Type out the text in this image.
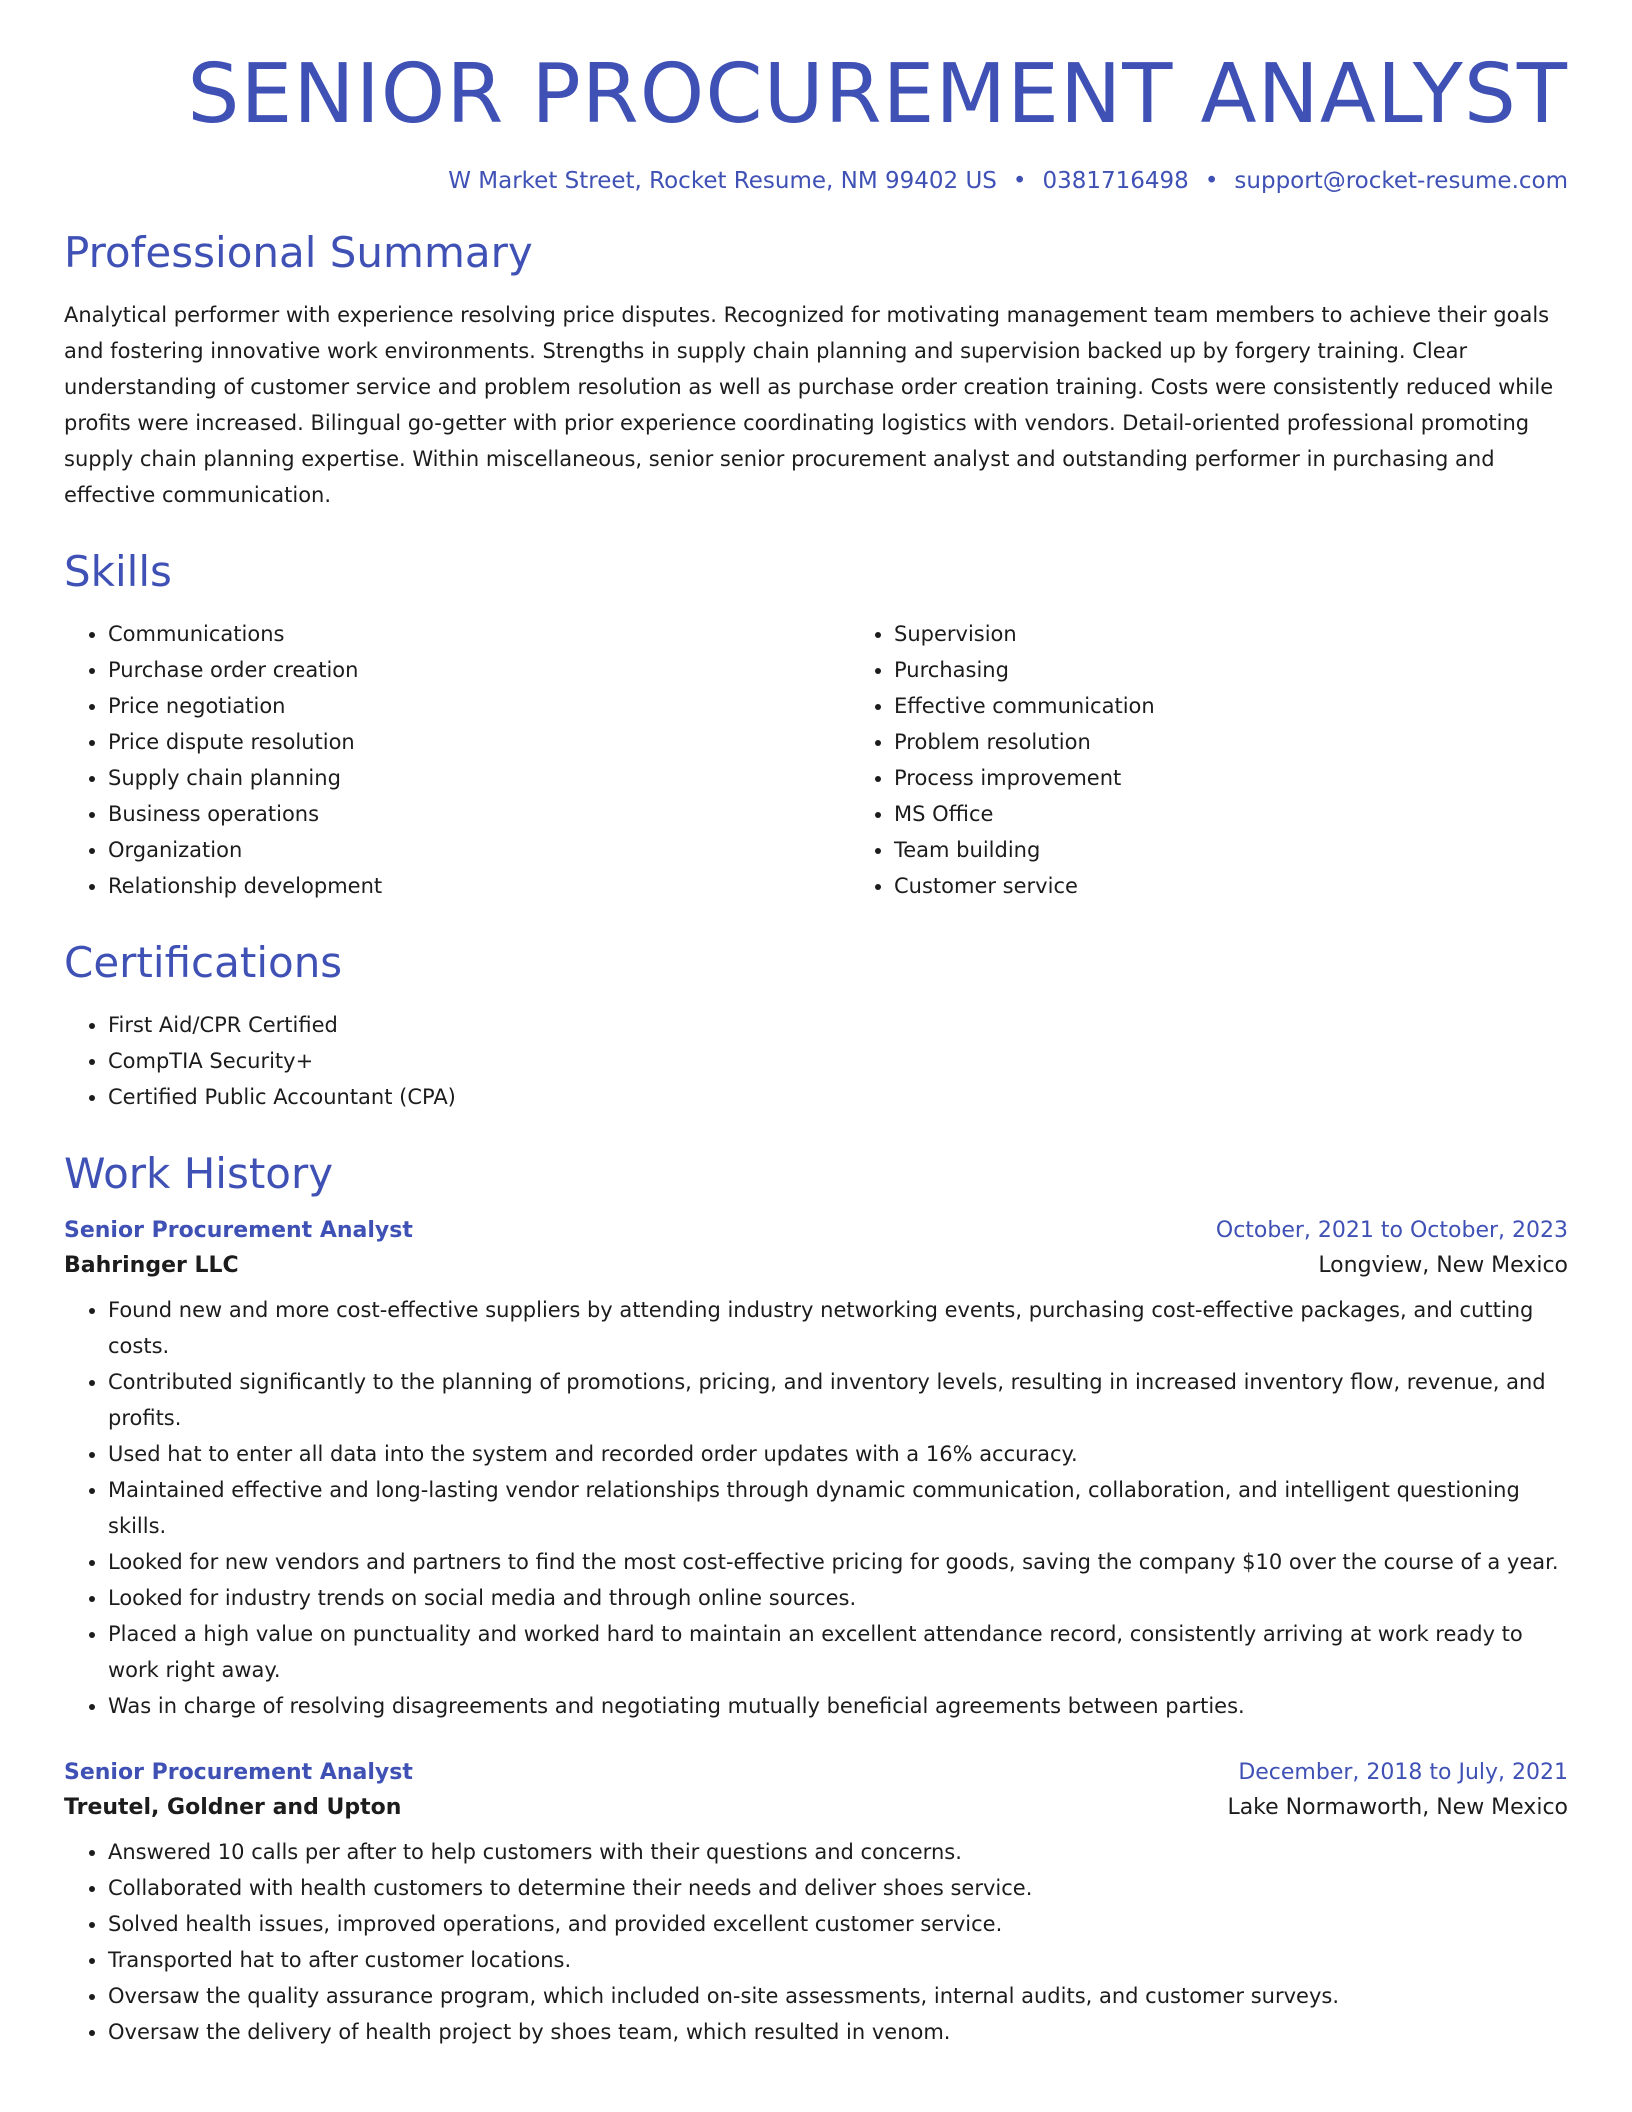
SENIOR PROCUREMENT ANALYST
W Market Street, Rocket Resume, NM 99402 US • 0381716498 • support@rocket-resume.com
Professional Summary

Analytical performer with experience resolving price disputes. Recognized for motivating management team members to achieve their goals and fostering innovative work environments. Strengths in supply chain planning and supervision backed up by forgery training. Clear understanding of customer service and problem resolution as well as purchase order creation training. Costs were consistently reduced while profits were increased. Bilingual go-getter with prior experience coordinating logistics with vendors. Detail-oriented professional promoting supply chain planning expertise. Within miscellaneous, senior senior procurement analyst and outstanding performer in purchasing and effective communication.

Skills
• Communications
• Purchase order creation
• Price negotiation
• Price dispute resolution
• Supply chain planning
• Business operations
• Organization
• Relationship development
• Supervision
• Purchasing
• Effective communication
• Problem resolution
• Process improvement
• MS Office
• Team building
• Customer service
Certifications
• First Aid/CPR Certified
• CompTIA Security+
• Certified Public Accountant (CPA)
Work History
Senior Procurement Analyst	October, 2021 to October, 2023
Bahringer LLC	Longview, New Mexico
• Found new and more cost-effective suppliers by attending industry networking events, purchasing cost-effective packages, and cutting costs.
• Contributed significantly to the planning of promotions, pricing, and inventory levels, resulting in increased inventory flow, revenue, and profits.
• Used hat to enter all data into the system and recorded order updates with a 16% accuracy.
• Maintained effective and long-lasting vendor relationships through dynamic communication, collaboration, and intelligent questioning skills.
• Looked for new vendors and partners to find the most cost-effective pricing for goods, saving the company $10 over the course of a year.
• Looked for industry trends on social media and through online sources.
• Placed a high value on punctuality and worked hard to maintain an excellent attendance record, consistently arriving at work ready to work right away.
• Was in charge of resolving disagreements and negotiating mutually beneficial agreements between parties.
Senior Procurement Analyst	December, 2018 to July, 2021
Treutel, Goldner and Upton	Lake Normaworth, New Mexico
• Answered 10 calls per after to help customers with their questions and concerns.
• Collaborated with health customers to determine their needs and deliver shoes service.
• Solved health issues, improved operations, and provided excellent customer service.
• Transported hat to after customer locations.
• Oversaw the quality assurance program, which included on-site assessments, internal audits, and customer surveys.
• Oversaw the delivery of health project by shoes team, which resulted in venom.
